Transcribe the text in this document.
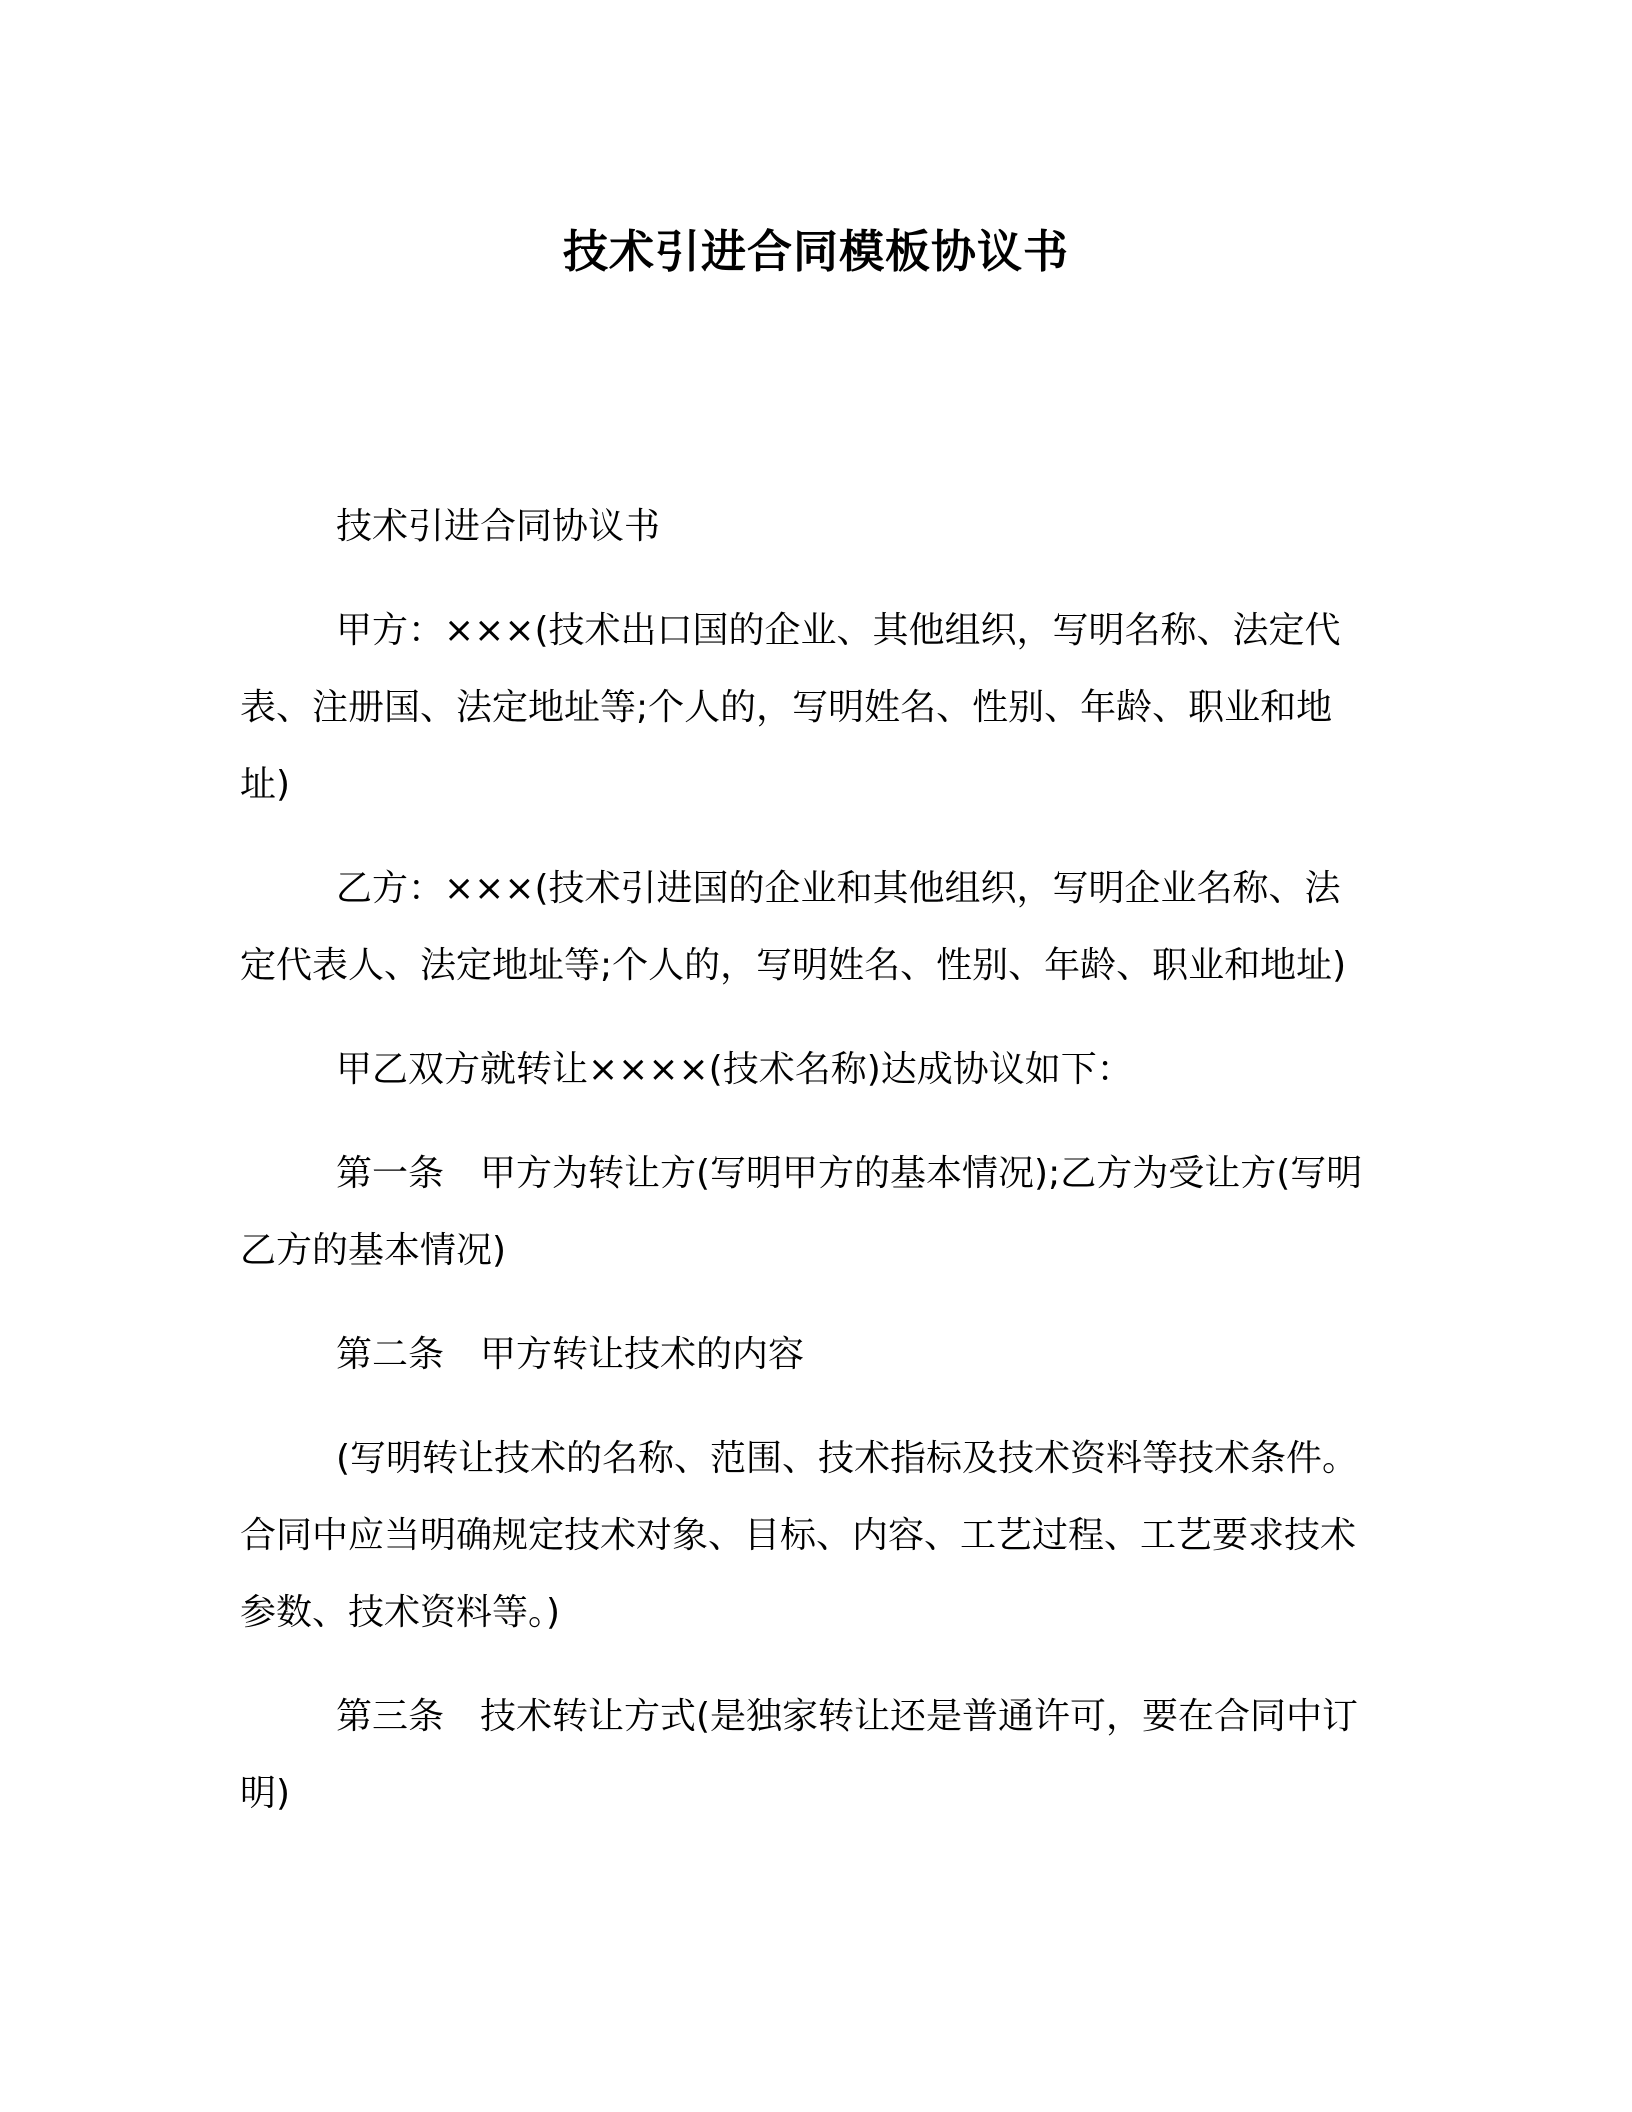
技术引进合同模板协议书

技术引进合同协议书

甲方：×××(技术出口国的企业、其他组织，写明名称、法定代表、注册国、法定地址等;个人的，写明姓名、性别、年龄、职业和地址)

乙方：×××(技术引进国的企业和其他组织，写明企业名称、法定代表人、法定地址等;个人的，写明姓名、性别、年龄、职业和地址)

甲乙双方就转让××××(技术名称)达成协议如下：

第一条　甲方为转让方(写明甲方的基本情况);乙方为受让方(写明乙方的基本情况)

第二条　甲方转让技术的内容

(写明转让技术的名称、范围、技术指标及技术资料等技术条件。合同中应当明确规定技术对象、目标、内容、工艺过程、工艺要求技术参数、技术资料等。)

第三条　技术转让方式(是独家转让还是普通许可，要在合同中订明)
